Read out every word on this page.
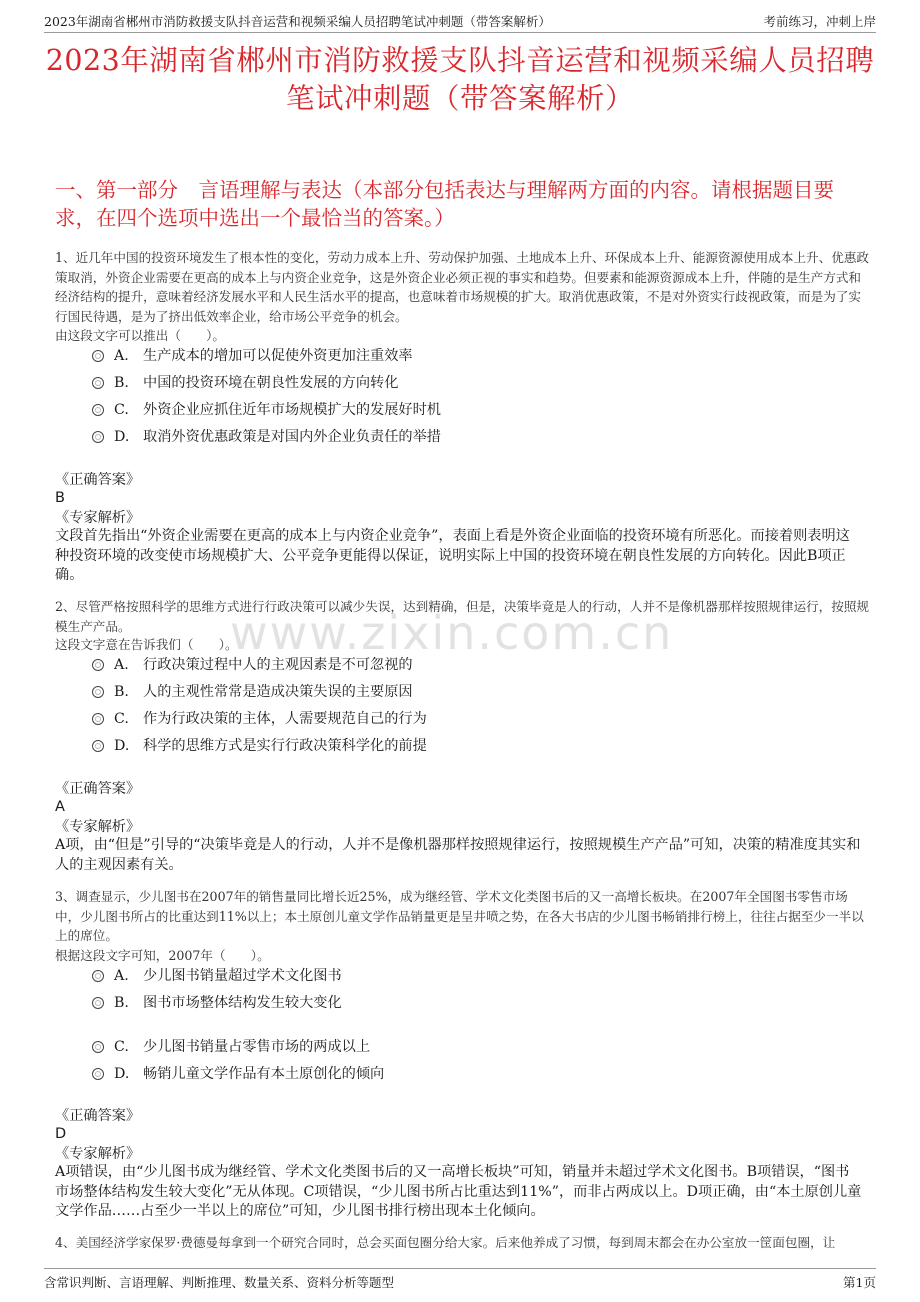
2023年湖南省郴州市消防救援支队抖音运营和视频采编人员招聘笔试冲刺题（带答案解析）	考前练习，冲刺上岸
2023年湖南省郴州市消防救援支队抖音运营和视频采编人员招聘笔试冲刺题（带答案解析）
一、第一部分　言语理解与表达（本部分包括表达与理解两方面的内容。请根据题目要求，在四个选项中选出一个最恰当的答案。）
www.zixin.com.cn
1、近几年中国的投资环境发生了根本性的变化，劳动力成本上升、劳动保护加强、土地成本上升、环保成本上升、能源资源使用成本上升、优惠政策取消，外资企业需要在更高的成本上与内资企业竞争，这是外资企业必须正视的事实和趋势。但要素和能源资源成本上升，伴随的是生产方式和经济结构的提升，意味着经济发展水平和人民生活水平的提高，也意味着市场规模的扩大。取消优惠政策，不是对外资实行歧视政策，而是为了实行国民待遇，是为了挤出低效率企业，给市场公平竞争的机会。
由这段文字可以推出（　　）。
A. 生产成本的增加可以促使外资更加注重效率
B. 中国的投资环境在朝良性发展的方向转化
C. 外资企业应抓住近年市场规模扩大的发展好时机
D. 取消外资优惠政策是对国内外企业负责任的举措
《正确答案》
B
《专家解析》
文段首先指出“外资企业需要在更高的成本上与内资企业竞争”，表面上看是外资企业面临的投资环境有所恶化。而接着则表明这种投资环境的改变使市场规模扩大、公平竞争更能得以保证，说明实际上中国的投资环境在朝良性发展的方向转化。因此B项正确。
2、尽管严格按照科学的思维方式进行行政决策可以减少失误，达到精确，但是，决策毕竟是人的行动，人并不是像机器那样按照规律运行，按照规模生产产品。
这段文字意在告诉我们（　　）。
A. 行政决策过程中人的主观因素是不可忽视的
B. 人的主观性常常是造成决策失误的主要原因
C. 作为行政决策的主体，人需要规范自己的行为
D. 科学的思维方式是实行行政决策科学化的前提
《正确答案》
A
《专家解析》
A项，由“但是”引导的“决策毕竟是人的行动，人并不是像机器那样按照规律运行，按照规模生产产品”可知，决策的精准度其实和人的主观因素有关。
3、调查显示，少儿图书在2007年的销售量同比增长近25%，成为继经管、学术文化类图书后的又一高增长板块。在2007年全国图书零售市场中，少儿图书所占的比重达到11%以上；本土原创儿童文学作品销量更是呈井喷之势，在各大书店的少儿图书畅销排行榜上，往往占据至少一半以上的席位。
根据这段文字可知，2007年（　　）。
A. 少儿图书销量超过学术文化图书
B. 图书市场整体结构发生较大变化
C. 少儿图书销量占零售市场的两成以上
D. 畅销儿童文学作品有本土原创化的倾向
《正确答案》
D
《专家解析》
A项错误，由“少儿图书成为继经管、学术文化类图书后的又一高增长板块”可知，销量并未超过学术文化图书。B项错误，“图书市场整体结构发生较大变化”无从体现。C项错误，“少儿图书所占比重达到11%”，而非占两成以上。D项正确，由“本土原创儿童文学作品……占至少一半以上的席位”可知，少儿图书排行榜出现本土化倾向。
4、美国经济学家保罗·费德曼每拿到一个研究合同时，总会买面包圈分给大家。后来他养成了习惯，每到周末都会在办公室放一筐面包圈，让
含常识判断、言语理解、判断推理、数量关系、资料分析等题型	第1页
